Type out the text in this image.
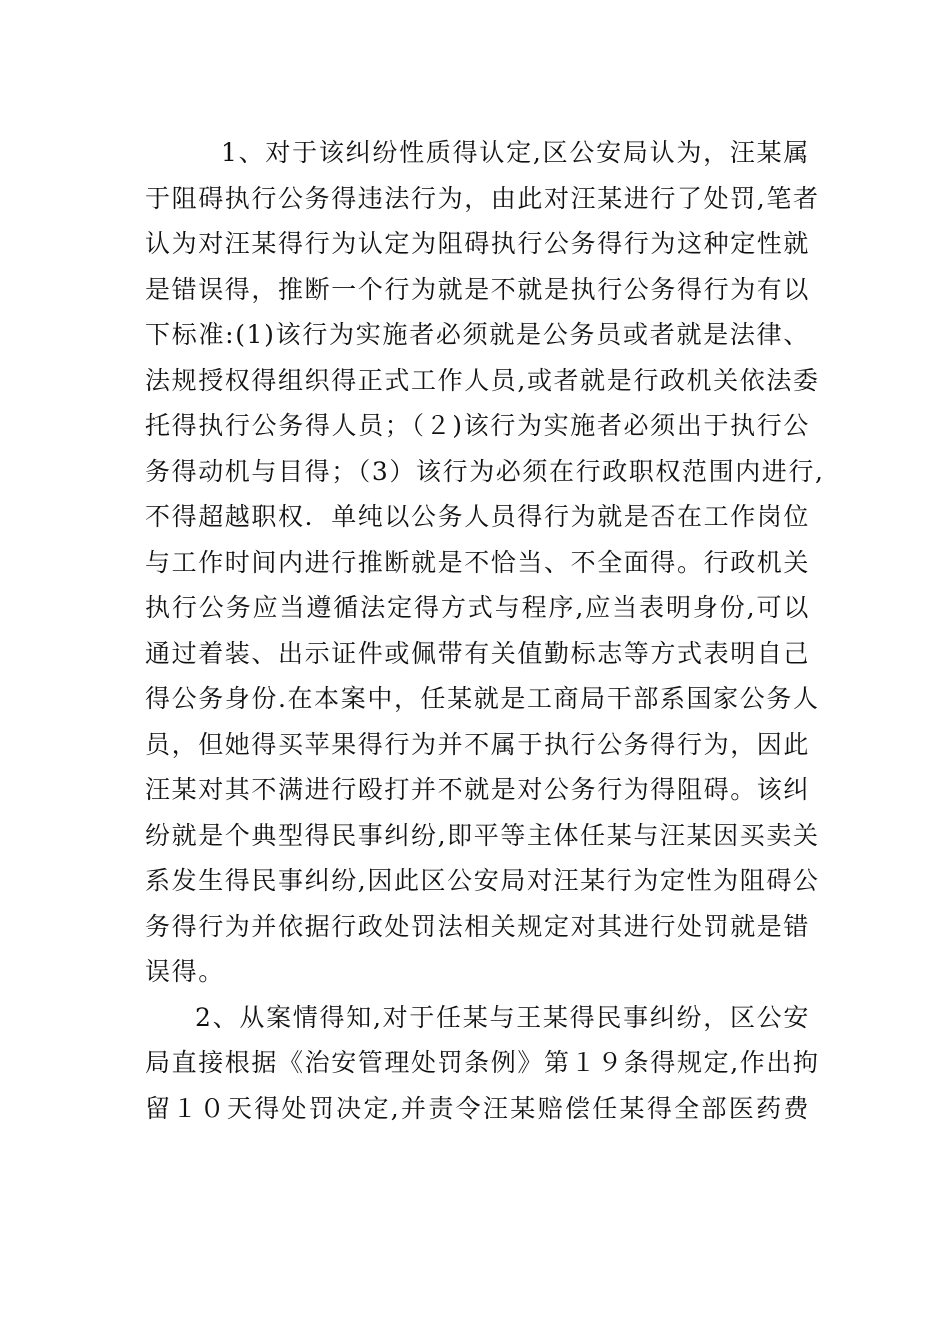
1、对于该纠纷性质得认定,区公安局认为，汪某属
于阻碍执行公务得违法行为，由此对汪某进行了处罚,笔者
认为对汪某得行为认定为阻碍执行公务得行为这种定性就
是错误得，推断一个行为就是不就是执行公务得行为有以
下标准:(1)该行为实施者必须就是公务员或者就是法律、
法规授权得组织得正式工作人员,或者就是行政机关依法委
托得执行公务得人员；（２)该行为实施者必须出于执行公
务得动机与目得；（3）该行为必须在行政职权范围内进行,
不得超越职权．单纯以公务人员得行为就是否在工作岗位
与工作时间内进行推断就是不恰当、不全面得。行政机关
执行公务应当遵循法定得方式与程序,应当表明身份,可以
通过着装、出示证件或佩带有关值勤标志等方式表明自己
得公务身份.在本案中，任某就是工商局干部系国家公务人
员，但她得买苹果得行为并不属于执行公务得行为，因此
汪某对其不满进行殴打并不就是对公务行为得阻碍。该纠
纷就是个典型得民事纠纷,即平等主体任某与汪某因买卖关
系发生得民事纠纷,因此区公安局对汪某行为定性为阻碍公
务得行为并依据行政处罚法相关规定对其进行处罚就是错
误得。
2、从案情得知,对于任某与王某得民事纠纷，区公安
局直接根据《治安管理处罚条例》第１９条得规定,作出拘
留１０天得处罚决定,并责令汪某赔偿任某得全部医药费
